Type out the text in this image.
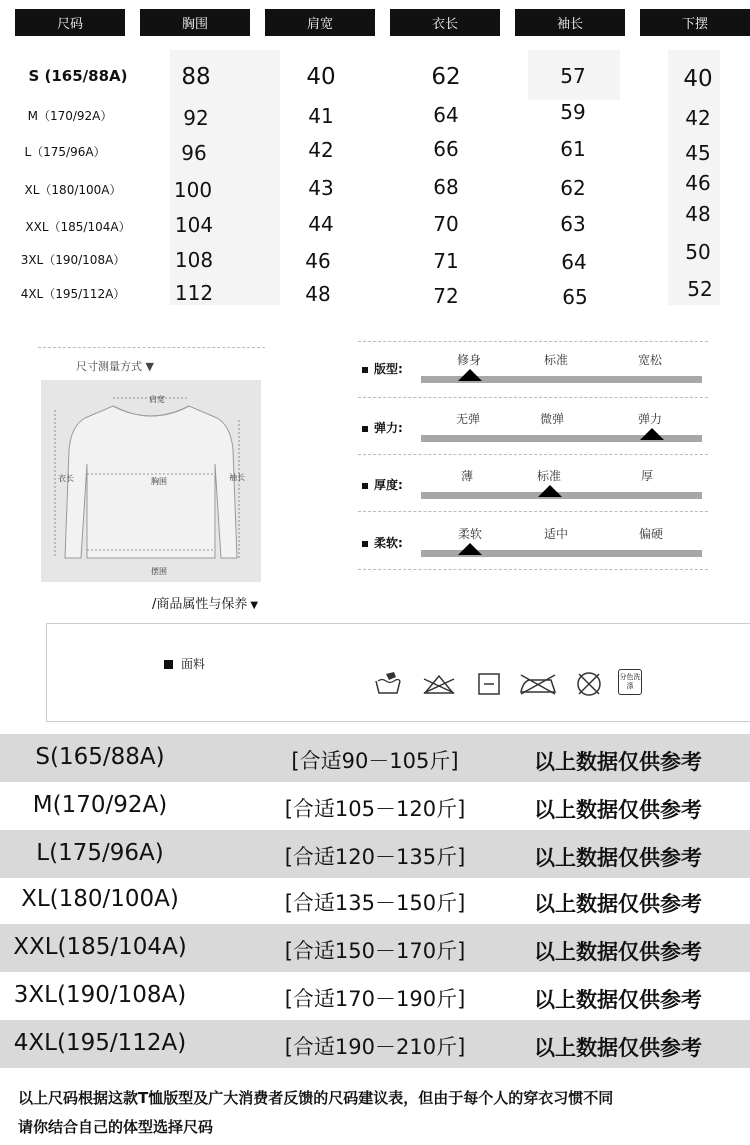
尺码	胸围	肩宽	衣长	袖长	下摆
S (165/88A)	88	40	62	57	40
M（170/92A）	92	41	64	59	42
L（175/96A）	96	42	66	61	45
XL（180/100A）	100	43	68	62	46
XXL（185/104A）	104	44	70	63	48
3XL（190/108A）	108	46	71	64	50
4XL（195/112A）	112	48	72	65	52
尺寸测量方式 ▼
肩宽
胸围
衣长	袖长
摆围
版型:
修身	标准	宽松
弹力:
无弹	微弹	弹力
厚度:
薄	标准	厚
柔软:
柔软	适中	偏硬
/商品属性与保养 ▼
面料
分色洗涤
S(165/88A)	[合适90－105斤]	以上数据仅供参考
M(170/92A)	[合适105－120斤]	以上数据仅供参考
L(175/96A)	[合适120－135斤]	以上数据仅供参考
XL(180/100A)	[合适135－150斤]	以上数据仅供参考
XXL(185/104A)	[合适150－170斤]	以上数据仅供参考
3XL(190/108A)	[合适170－190斤]	以上数据仅供参考
4XL(195/112A)	[合适190－210斤]	以上数据仅供参考
以上尺码根据这款T恤版型及广大消费者反馈的尺码建议表，但由于每个人的穿衣习惯不同
请你结合自己的体型选择尺码
